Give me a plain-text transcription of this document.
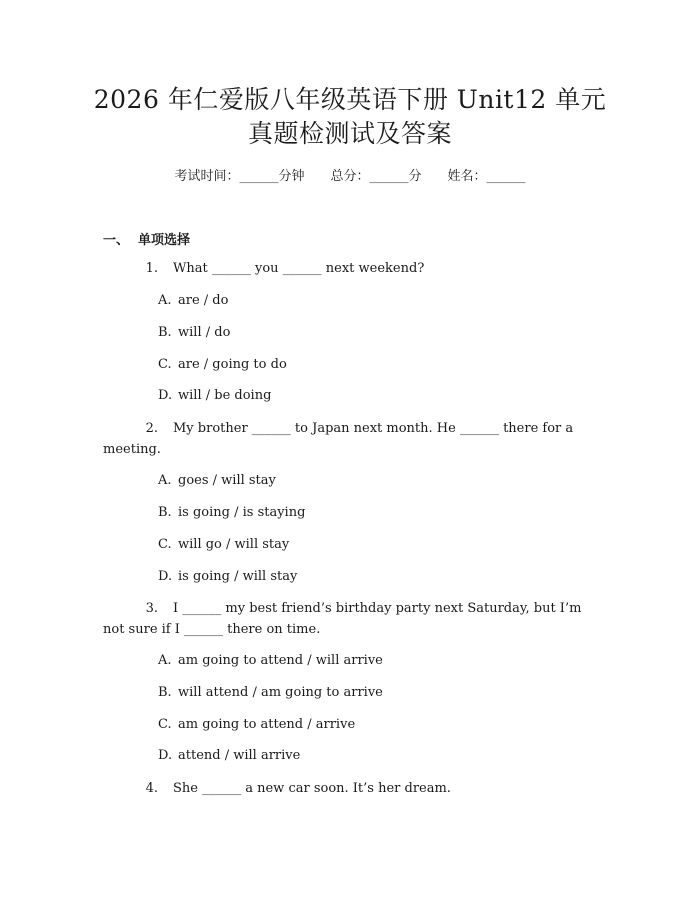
2026 年仁爱版八年级英语下册 Unit12 单元
真题检测试及答案
考试时间：______分钟 总分：______分 姓名：______
一、 单项选择
1. What ______ you ______ next weekend?
A. are / do
B. will / do
C. are / going to do
D. will / be doing
2. My brother ______ to Japan next month. He ______ there for a
meeting.
A. goes / will stay
B. is going / is staying
C. will go / will stay
D. is going / will stay
3. I ______ my best friend’s birthday party next Saturday, but I’m
not sure if I ______ there on time.
A. am going to attend / will arrive
B. will attend / am going to arrive
C. am going to attend / arrive
D. attend / will arrive
4. She ______ a new car soon. It’s her dream.
